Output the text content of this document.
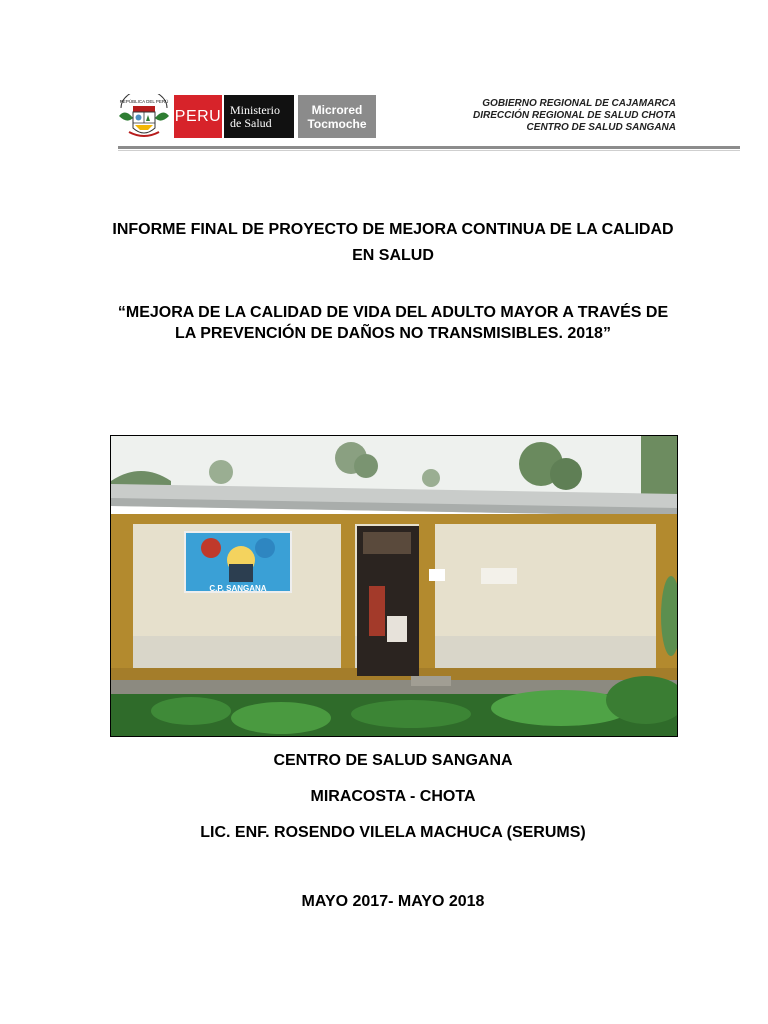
REPÚBLICA DEL PERÚ
PERU Ministerio
de Salud
Microred
Tocmoche
GOBIERNO REGIONAL DE CAJAMARCA
DIRECCIÓN REGIONAL DE SALUD CHOTA
CENTRO DE SALUD SANGANA
INFORME FINAL DE PROYECTO DE MEJORA CONTINUA DE LA CALIDAD EN SALUD
“MEJORA DE LA CALIDAD DE VIDA DEL ADULTO MAYOR A TRAVÉS DE LA PREVENCIÓN DE DAÑOS NO TRANSMISIBLES. 2018”
C.P. SANGANA
CENTRO DE SALUD SANGANA
MIRACOSTA - CHOTA
LIC. ENF. ROSENDO VILELA MACHUCA (SERUMS)
MAYO 2017- MAYO 2018
